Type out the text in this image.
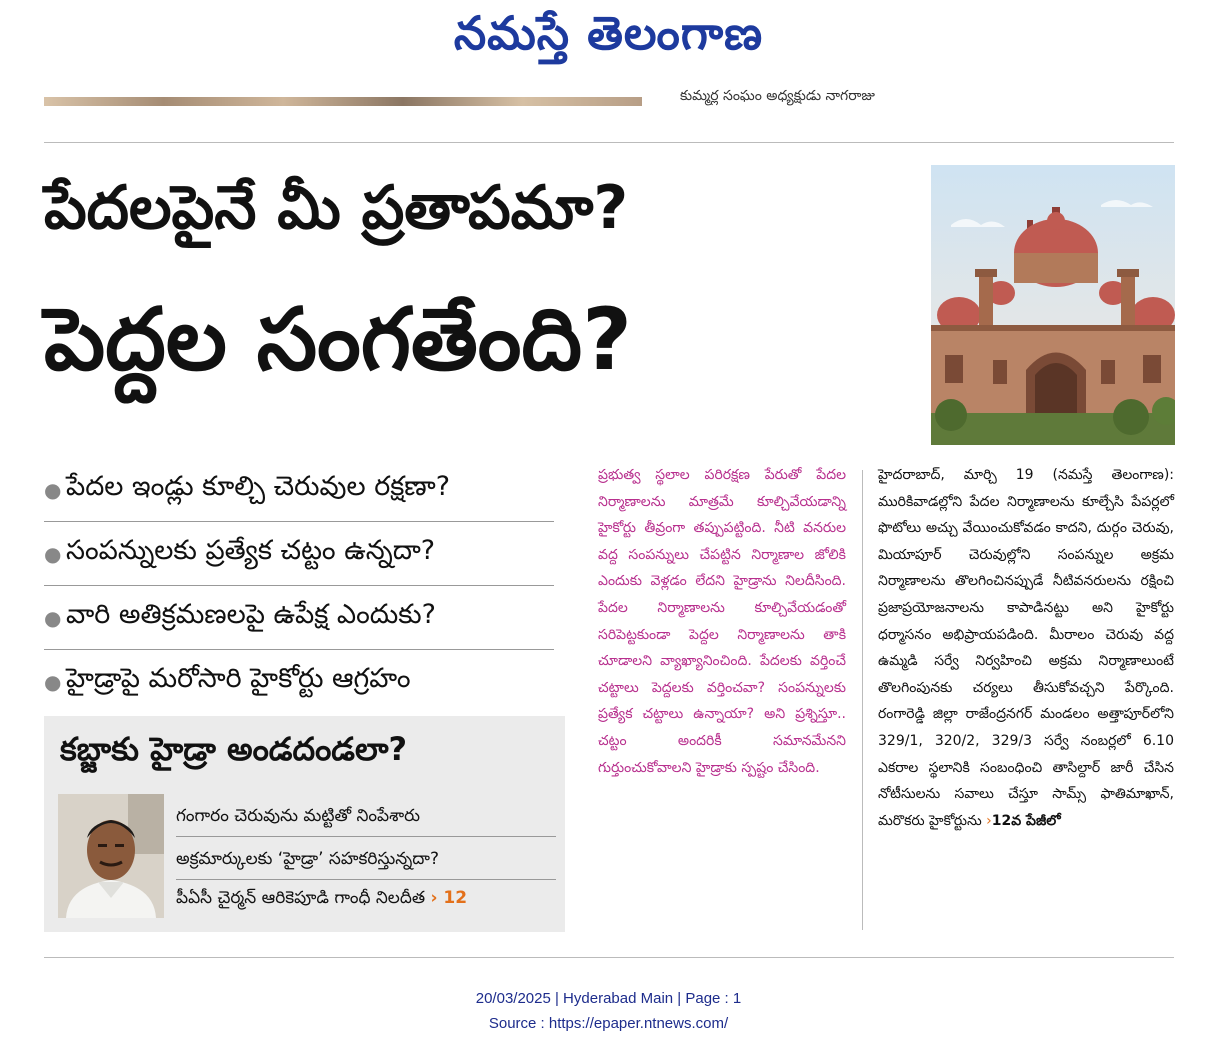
నమస్తే తెలంగాణ
కుమ్మర్ల సంఘం అధ్యక్షుడు నాగరాజు
పేదలపైనే మీ ప్రతాపమా?
పెద్దల సంగతేంది?
● పేదల ఇండ్లు కూల్చి చెరువుల రక్షణా?
● సంపన్నులకు ప్రత్యేక చట్టం ఉన్నదా?
● వారి అతిక్రమణలపై ఉపేక్ష ఎందుకు?
● హైడ్రాపై మరోసారి హైకోర్టు ఆగ్రహం
కబ్జాకు హైడ్రా అండదండలా?
గంగారం చెరువును మట్టితో నింపేశారు
అక్రమార్కులకు ‘హైడ్రా’ సహకరిస్తున్నదా?
పీఏసీ చైర్మన్ ఆరికెపూడి గాంధీ నిలదీత › 12
ప్రభుత్వ స్థలాల పరిరక్షణ పేరుతో పేదల నిర్మాణాలను మాత్రమే కూల్చివేయడాన్ని హైకోర్టు తీవ్రంగా తప్పుపట్టింది. నీటి వనరుల వద్ద సంపన్నులు చేపట్టిన నిర్మాణాల జోలికి ఎందుకు వెళ్లడం లేదని హైడ్రాను నిలదీసింది. పేదల నిర్మాణాలను కూల్చివేయడంతో సరిపెట్టకుండా పెద్దల నిర్మాణాలను తాకి చూడాలని వ్యాఖ్యానించింది. పేదలకు వర్తించే చట్టాలు పెద్దలకు వర్తించవా? సంపన్నులకు ప్రత్యేక చట్టాలు ఉన్నాయా? అని ప్రశ్నిస్తూ.. చట్టం అందరికీ సమానమేనని గుర్తుంచుకోవాలని హైడ్రాకు స్పష్టం చేసింది.
హైదరాబాద్, మార్చి 19 (నమస్తే తెలంగాణ): మురికివాడల్లోని పేదల నిర్మాణాలను కూల్చేసి పేపర్లలో ఫొటోలు అచ్చు వేయించుకోవడం కాదని, దుర్గం చెరువు, మియాపూర్ చెరువుల్లోని సంపన్నుల అక్రమ నిర్మాణాలను తొలగించినప్పుడే నీటివనరులను రక్షించి ప్రజాప్రయోజనాలను కాపాడినట్టు అని హైకోర్టు ధర్మాసనం అభిప్రాయపడింది. మీరాలం చెరువు వద్ద ఉమ్మడి సర్వే నిర్వహించి అక్రమ నిర్మాణాలుంటే తొలగింపునకు చర్యలు తీసుకోవచ్చని పేర్కొంది. రంగారెడ్డి జిల్లా రాజేంద్రనగర్ మండలం అత్తాపూర్‌లోని 329/1, 320/2, 329/3 సర్వే నంబర్లలో 6.10 ఎకరాల స్థలానికి సంబంధించి తాసిల్దార్ జారీ చేసిన నోటీసులను సవాలు చేస్తూ సామ్స్ ఫాతిమాఖాన్, మరొకరు హైకోర్టును ›12వ పేజీలో
20/03/2025 | Hyderabad Main | Page : 1
Source : https://epaper.ntnews.com/
